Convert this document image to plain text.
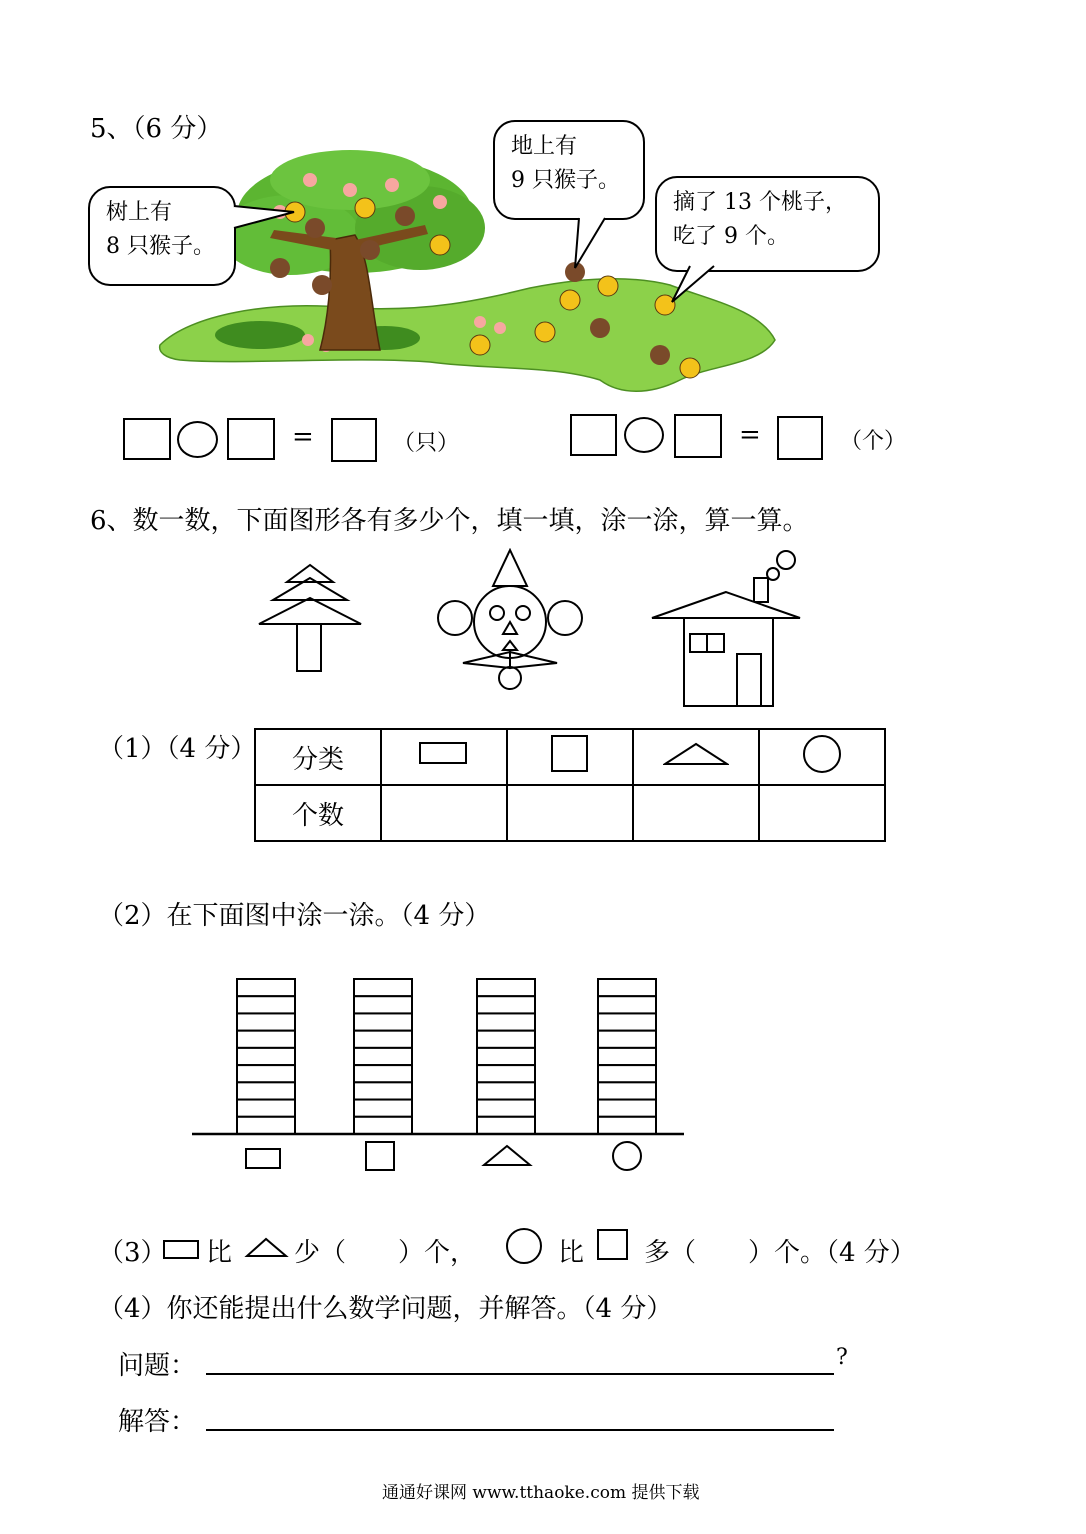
5、（6 分）
树上有
8 只猴子。
地上有
9 只猴子。
摘了 13 个桃子，
吃了 9 个。
=	（只）	=	（个）
6、数一数，下面图形各有多少个，填一填，涂一涂，算一算。
（1）（4 分） 分类				
个数				
（2）在下面图中涂一涂。（4 分）
（3） 比 少（　　）个，	比 多（　　）个。（4 分）
（4）你还能提出什么数学问题，并解答。（4 分）
问题：	?
解答：
通通好课网 www.tthaoke.com 提供下载
